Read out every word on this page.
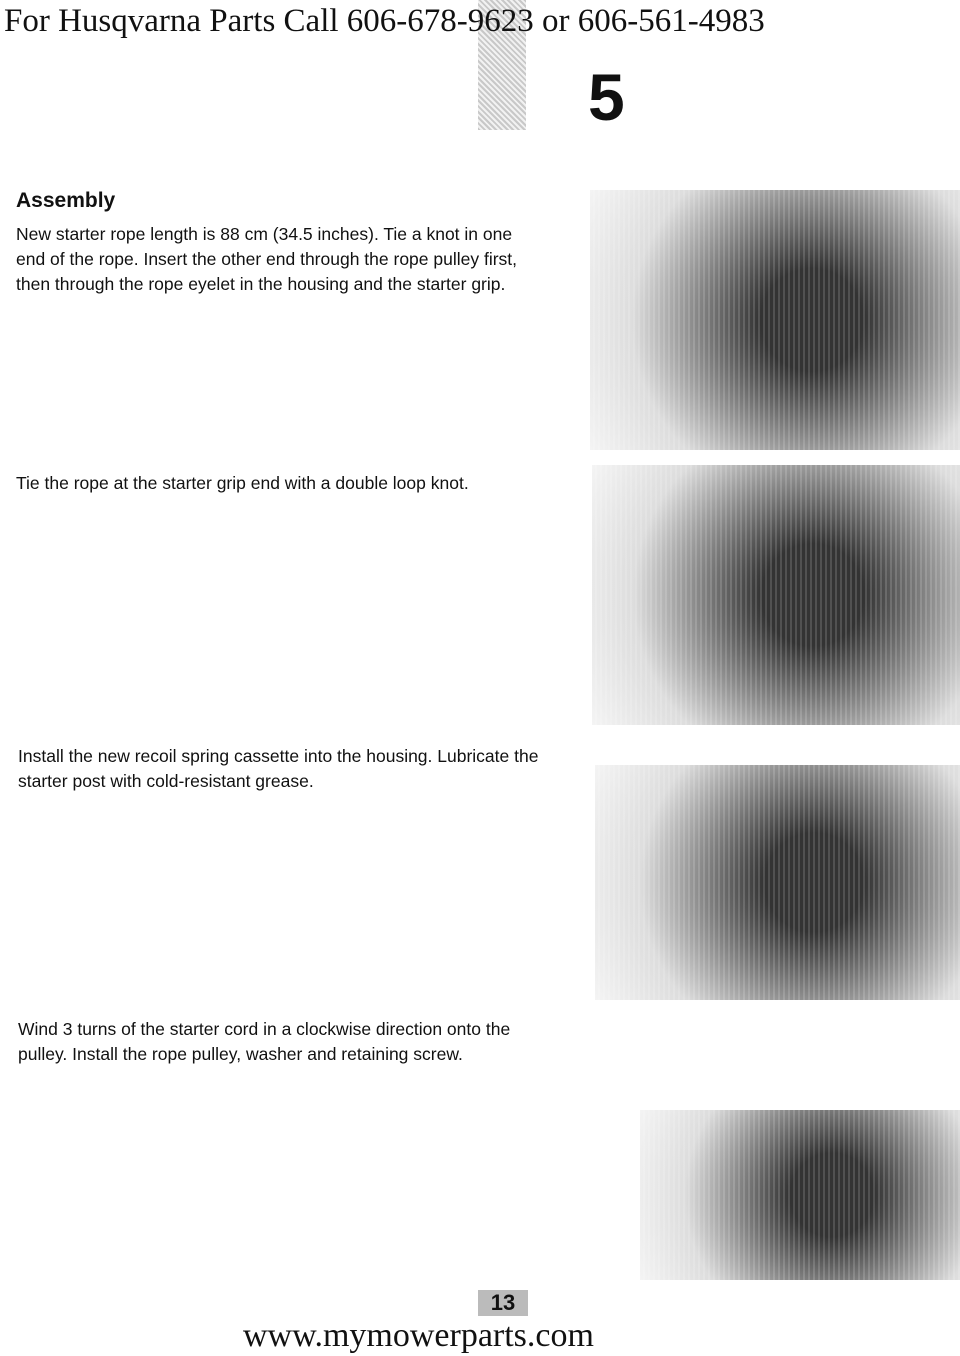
For Husqvarna Parts Call 606-678-9623 or 606-561-4983
5
Assembly
New starter rope length is 88 cm (34.5 inches). Tie a knot in one end of the rope. Insert the other end through the rope pulley first, then through the rope eyelet in the housing and the starter grip.
Tie the rope at the starter grip end with a double loop knot.
Install the new recoil spring cassette into the housing. Lubricate the starter post with cold-resistant grease.
Wind 3 turns of the starter cord in a clockwise direction onto the pulley. Install the rope pulley, washer and retaining screw.
13
www.mymowerparts.com
